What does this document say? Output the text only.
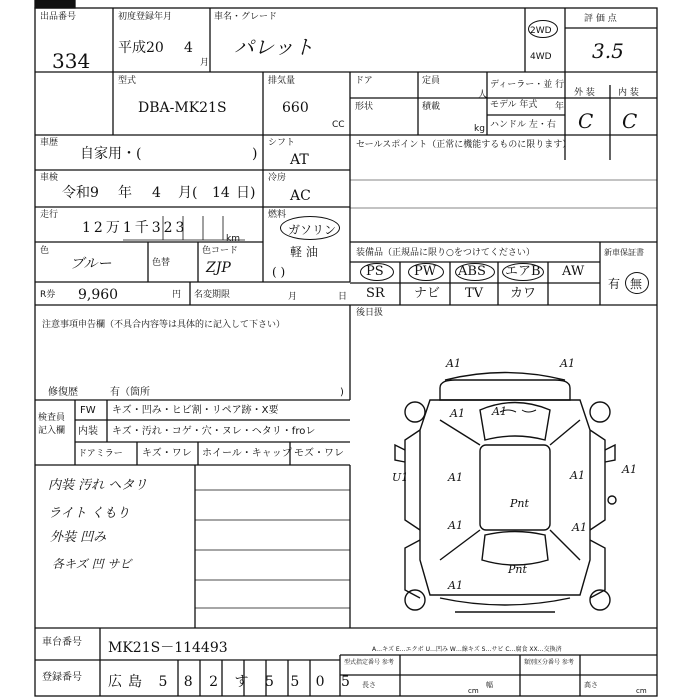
出品番号
334
初度登録年月
平成20 4
月
車名・グレード
パレット
2WD
4WD
評 価 点
3.5
型式
DBA-MK21S
排気量
660
CC
ドア	定員
人
ディーラー・並 行
形状	積載
kg
モデル 年式	年
ハンドル 左・右
外 装	内 装
C C
車歴
自家用・(	)
シフト
AT
セールスポイント（正常に機能するものに限ります）
車検
令和9 年 4 月( 14 日)
冷房
AC
走行
12万1千323
km
燃料
ガソリン
軽 油
( )
色
ブルー	色替
色コード
ZJP
装備品（正規品に限り○をつけてください）	新車保証書
PS PW ABS エアB AW
SR ナビ TV カワ
有 無
R券 9,960	円 名変期限	月	日
後日扱
注意事項申告欄（不具合内容等は具体的に記入して下さい）
修復歴	有（箇所	)
検査員 記入欄
FW キズ・凹み・ヒビ割・リペア跡・X要
内装 キズ・汚れ・コゲ・穴・ヌレ・ヘタリ・froレ
ドアミラー キズ・ワレ ホイール・キャップ モズ・ワレ
内装 汚れ ヘタリ
ライト くもり
外装 凹み
各キズ 凹 サビ
A1	A1
A1 A1
A1
A1
A1
A1
A1
U1
A1
Pnt
Pnt
A…キズ E…エクボ U…凹み W…線キズ S…サビ C…腐食 XX…交換済
車台番号 MK21S－114493
登録番号 広島 5 8 2 す 5 5 0 5
型式指定番号 参考	類別区分番号 参考
長さ
cm
幅	高さ
cm
